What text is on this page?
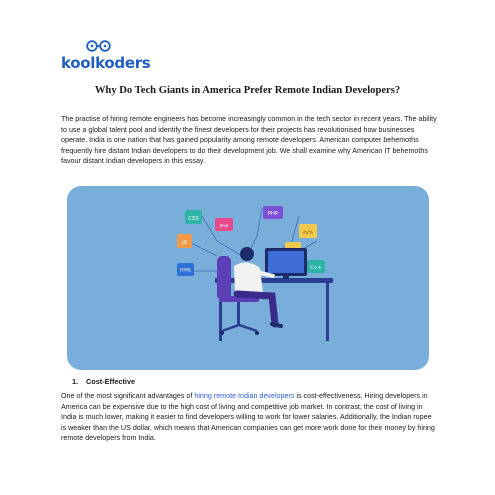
koolkoders
Why Do Tech Giants in America Prefer Remote Indian Developers?

The practise of hiring remote engineers has become increasingly common in the tech sector in recent years. The ability to use a global talent pool and identify the finest developers for their projects has revolutionised how businesses operate. India is one nation that has gained popularity among remote developers. American computer behemoths frequently hire distant Indian developers to do their development job. We shall examine why American IT behemoths favour distant Indian developers in this essay.

CSS
PHP
</>
JS
C++
HTML
Java
1. Cost-Effective

One of the most significant advantages of hiring remote Indian developers is cost-effectiveness. Hiring developers in America can be expensive due to the high cost of living and competitive job market. In contrast, the cost of living in India is much lower, making it easier to find developers willing to work for lower salaries. Additionally, the Indian rupee is weaker than the US dollar, which means that American companies can get more work done for their money by hiring remote developers from India.
